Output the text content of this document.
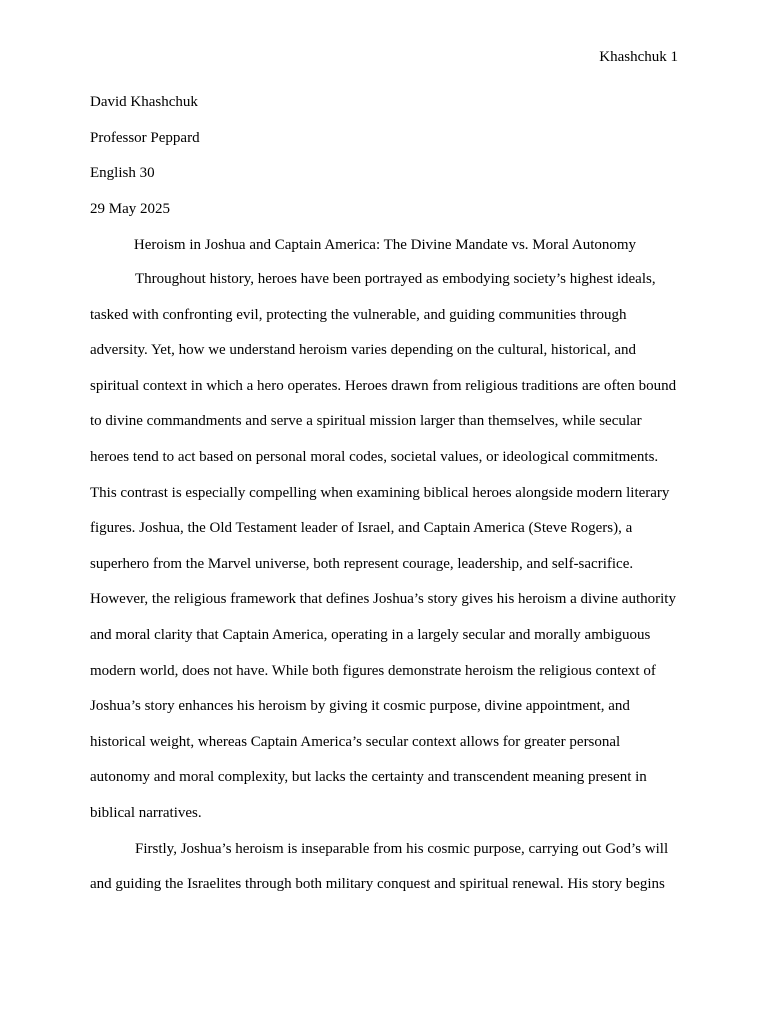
Khashchuk 1
David Khashchuk
Professor Peppard
English 30
29 May 2025
Heroism in Joshua and Captain America: The Divine Mandate vs. Moral Autonomy

Throughout history, heroes have been portrayed as embodying society’s highest ideals, tasked with confronting evil, protecting the vulnerable, and guiding communities through adversity. Yet, how we understand heroism varies depending on the cultural, historical, and spiritual context in which a hero operates. Heroes drawn from religious traditions are often bound to divine commandments and serve a spiritual mission larger than themselves, while secular heroes tend to act based on personal moral codes, societal values, or ideological commitments. This contrast is especially compelling when examining biblical heroes alongside modern literary figures. Joshua, the Old Testament leader of Israel, and Captain America (Steve Rogers), a superhero from the Marvel universe, both represent courage, leadership, and self-sacrifice. However, the religious framework that defines Joshua’s story gives his heroism a divine authority and moral clarity that Captain America, operating in a largely secular and morally ambiguous modern world, does not have. While both figures demonstrate heroism the religious context of Joshua’s story enhances his heroism by giving it cosmic purpose, divine appointment, and historical weight, whereas Captain America’s secular context allows for greater personal autonomy and moral complexity, but lacks the certainty and transcendent meaning present in biblical narratives.

Firstly, Joshua’s heroism is inseparable from his cosmic purpose, carrying out God’s will and guiding the Israelites through both military conquest and spiritual renewal. His story begins
